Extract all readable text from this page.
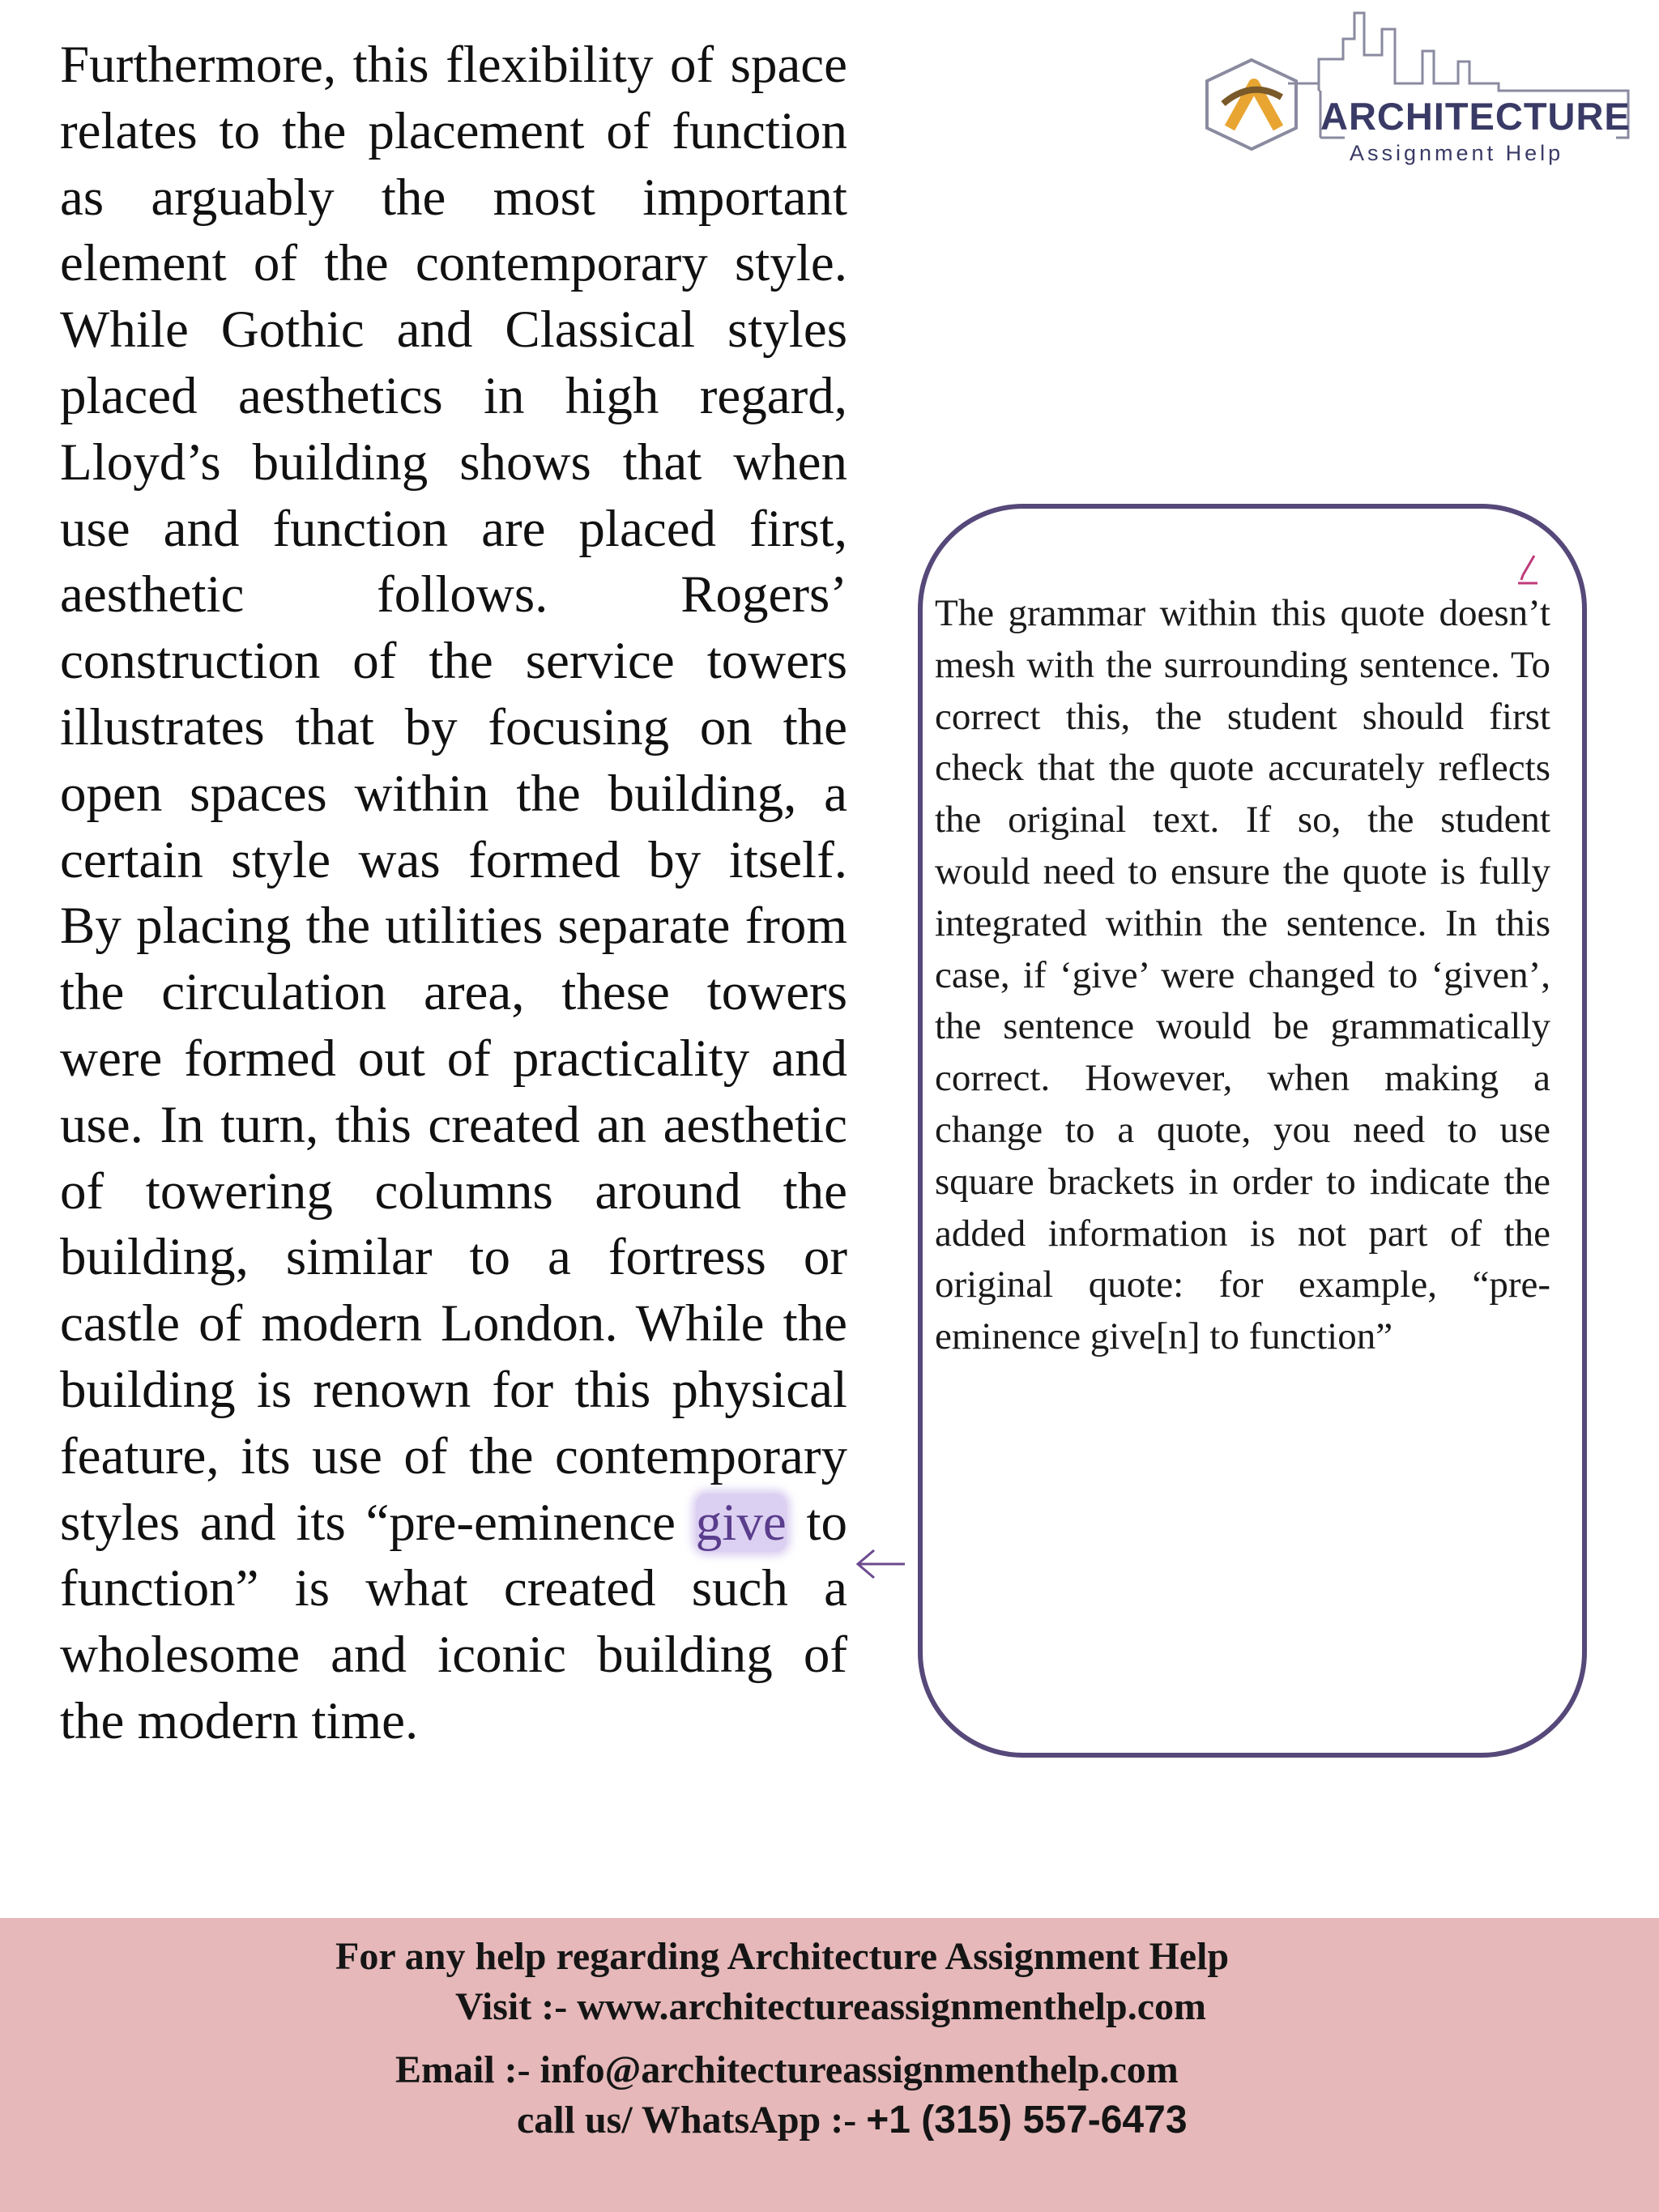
Furthermore, this flexibility of space relates to the placement of function as arguably the most important element of the contemporary style. While Gothic and Classical styles placed aesthetics in high regard, Lloyd’s building shows that when use and function are placed first, aesthetic follows. Rogers’ construction of the service towers illustrates that by focusing on the open spaces within the building, a certain style was formed by itself. By placing the utilities separate from the circulation area, these towers were formed out of practicality and use. In turn, this created an aesthetic of towering columns around the building, similar to a fortress or castle of modern London. While the building is renown for this physical feature, its use of the contemporary styles and its “pre-eminence give to function” is what created such a wholesome and iconic building of the modern time.

ARCHITECTURE
Assignment Help

The grammar within this quote doesn’t mesh with the surrounding sentence. To correct this, the student should first check that the quote accurately reflects the original text. If so, the student would need to ensure the quote is fully integrated within the sentence. In this case, if ‘give’ were changed to ‘given’, the sentence would be grammatically correct. However, when making a change to a quote, you need to use square brackets in order to indicate the added information is not part of the original quote: for example, “pre-eminence give[n] to function”

For any help regarding Architecture Assignment Help
Visit :- www.architectureassignmenthelp.com
Email :- info@architectureassignmenthelp.com
call us/ WhatsApp :- +1 (315) 557-6473
